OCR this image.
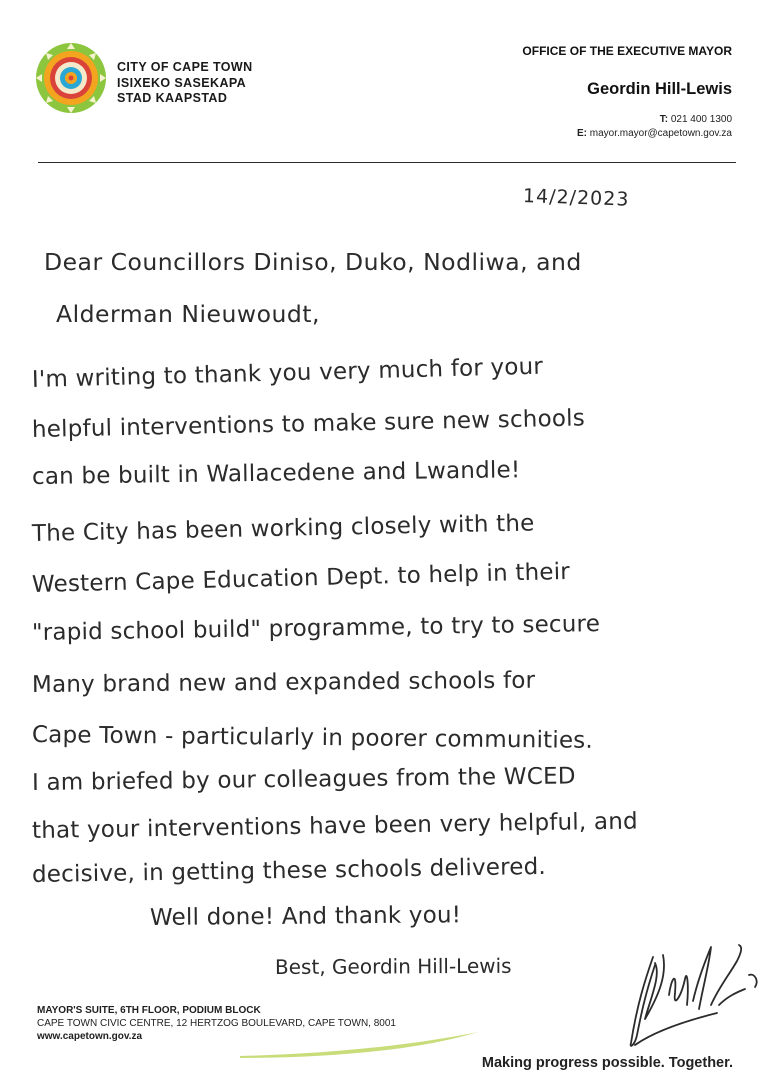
CITY OF CAPE TOWN
ISIXEKO SASEKAPA
STAD KAAPSTAD
OFFICE OF THE EXECUTIVE MAYOR
Geordin Hill-Lewis
T: 021 400 1300
E: mayor.mayor@capetown.gov.za
14/2/2023
Dear Councillors Diniso, Duko, Nodliwa, and
Alderman Nieuwoudt,
I'm writing to thank you very much for your
helpful interventions to make sure new schools
can be built in Wallacedene and Lwandle!
The City has been working closely with the
Western Cape Education Dept. to help in their
"rapid school build" programme, to try to secure
Many brand new and expanded schools for
Cape Town - particularly in poorer communities.
I am briefed by our colleagues from the WCED
that your interventions have been very helpful, and
decisive, in getting these schools delivered.
Well done! And thank you!
Best, Geordin Hill-Lewis
MAYOR'S SUITE, 6TH FLOOR, PODIUM BLOCK
CAPE TOWN CIVIC CENTRE, 12 HERTZOG BOULEVARD, CAPE TOWN, 8001
www.capetown.gov.za
Making progress possible. Together.
